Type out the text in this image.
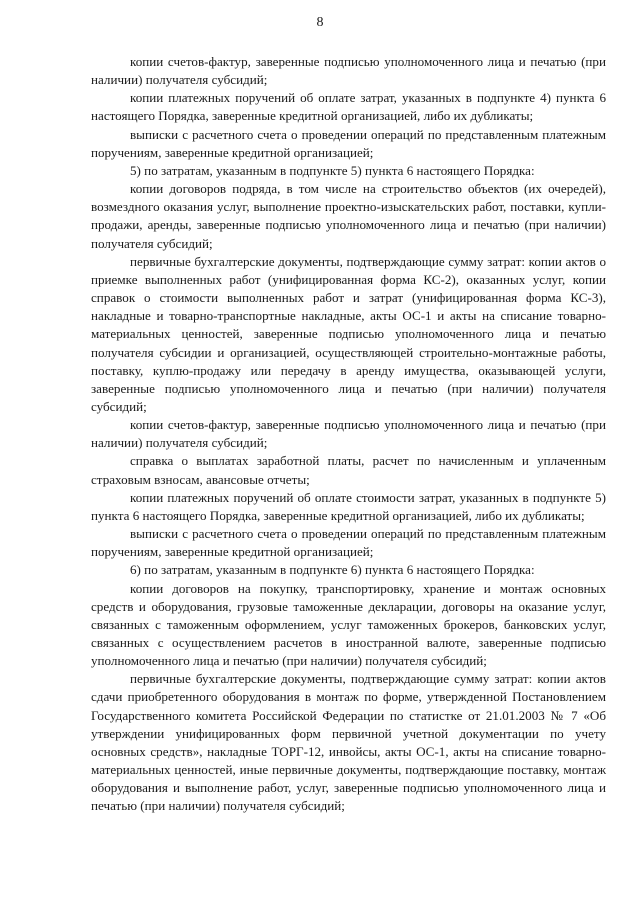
8

копии счетов-фактур, заверенные подписью уполномоченного лица и печатью (при наличии) получателя субсидий;

копии платежных поручений об оплате затрат, указанных в подпункте 4) пункта 6 настоящего Порядка, заверенные кредитной организацией, либо их дубликаты;

выписки с расчетного счета о проведении операций по представленным платежным поручениям, заверенные кредитной организацией;

5) по затратам, указанным в подпункте 5) пункта 6 настоящего Порядка:

копии договоров подряда, в том числе на строительство объектов (их очередей), возмездного оказания услуг, выполнение проектно-изыскательских работ, поставки, купли-продажи, аренды, заверенные подписью уполномоченного лица и печатью (при наличии) получателя субсидий;

первичные бухгалтерские документы, подтверждающие сумму затрат: копии актов о приемке выполненных работ (унифицированная форма КС-2), оказанных услуг, копии справок о стоимости выполненных работ и затрат (унифицированная форма КС-3), накладные и товарно-транспортные накладные, акты ОС-1 и акты на списание товарно-материальных ценностей, заверенные подписью уполномоченного лица и печатью получателя субсидии и организацией, осуществляющей строительно-монтажные работы, поставку, куплю-продажу или передачу в аренду имущества, оказывающей услуги, заверенные подписью уполномоченного лица и печатью (при наличии) получателя субсидий;

копии счетов-фактур, заверенные подписью уполномоченного лица и печатью (при наличии) получателя субсидий;

справка о выплатах заработной платы, расчет по начисленным и уплаченным страховым взносам, авансовые отчеты;

копии платежных поручений об оплате стоимости затрат, указанных в подпункте 5) пункта 6 настоящего Порядка, заверенные кредитной организацией, либо их дубликаты;

выписки с расчетного счета о проведении операций по представленным платежным поручениям, заверенные кредитной организацией;

6) по затратам, указанным в подпункте 6) пункта 6 настоящего Порядка:

копии договоров на покупку, транспортировку, хранение и монтаж основных средств и оборудования, грузовые таможенные декларации, договоры на оказание услуг, связанных с таможенным оформлением, услуг таможенных брокеров, банковских услуг, связанных с осуществлением расчетов в иностранной валюте, заверенные подписью уполномоченного лица и печатью (при наличии) получателя субсидий;

первичные бухгалтерские документы, подтверждающие сумму затрат: копии актов сдачи приобретенного оборудования в монтаж по форме, утвержденной Постановлением Государственного комитета Российской Федерации по статистке от 21.01.2003 № 7 «Об утверждении унифицированных форм первичной учетной документации по учету основных средств», накладные ТОРГ-12, инвойсы, акты ОС-1, акты на списание товарно-материальных ценностей, иные первичные документы, подтверждающие поставку, монтаж оборудования и выполнение работ, услуг, заверенные подписью уполномоченного лица и печатью (при наличии) получателя субсидий;
